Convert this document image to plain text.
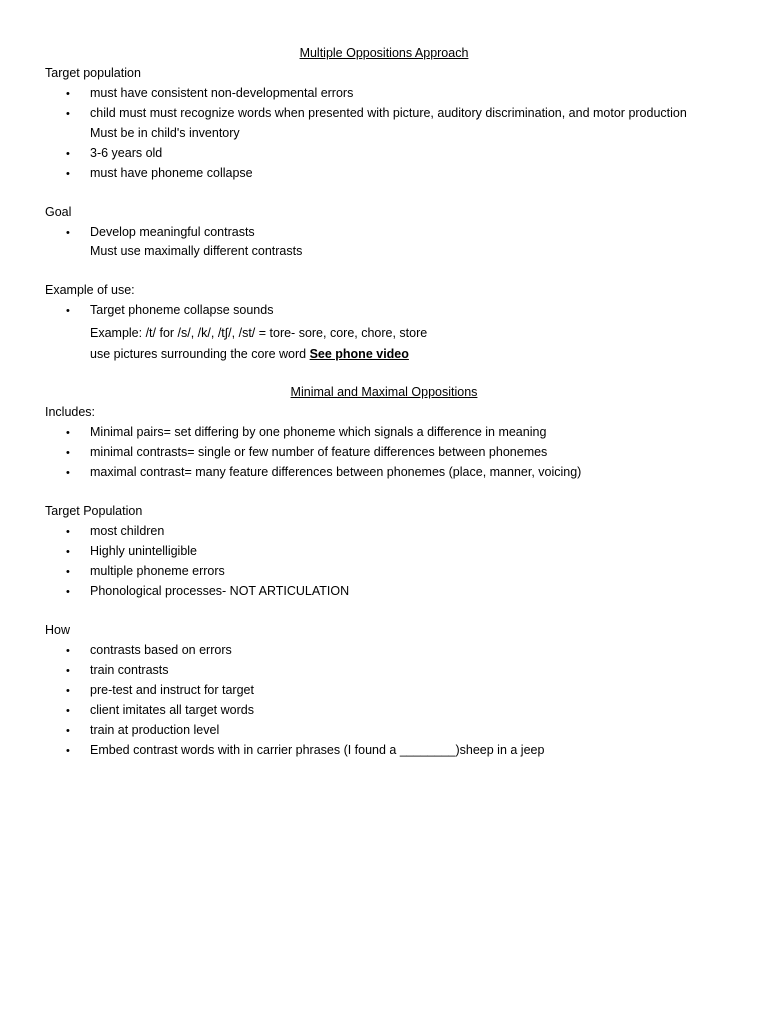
Multiple Oppositions Approach
Target population
• must have consistent non-developmental errors
• child must must recognize words when presented with picture, auditory discrimination, and motor production
Must be in child's inventory
• 3-6 years old
• must have phoneme collapse
Goal
• Develop meaningful contrasts
Must use maximally different contrasts
Example of use:
• Target phoneme collapse sounds
Example: /t/ for /s/, /k/, /t∫/, /st/ = tore- sore, core, chore, store
use pictures surrounding the core word See phone video
Minimal and Maximal Oppositions
Includes:
• Minimal pairs= set differing by one phoneme which signals a difference in meaning
• minimal contrasts= single or few number of feature differences between phonemes
• maximal contrast= many feature differences between phonemes (place, manner, voicing)
Target Population
• most children
• Highly unintelligible
• multiple phoneme errors
• Phonological processes- NOT ARTICULATION
How
• contrasts based on errors
• train contrasts
• pre-test and instruct for target
• client imitates all target words
• train at production level
• Embed contrast words with in carrier phrases (I found a ________)sheep in a jeep
